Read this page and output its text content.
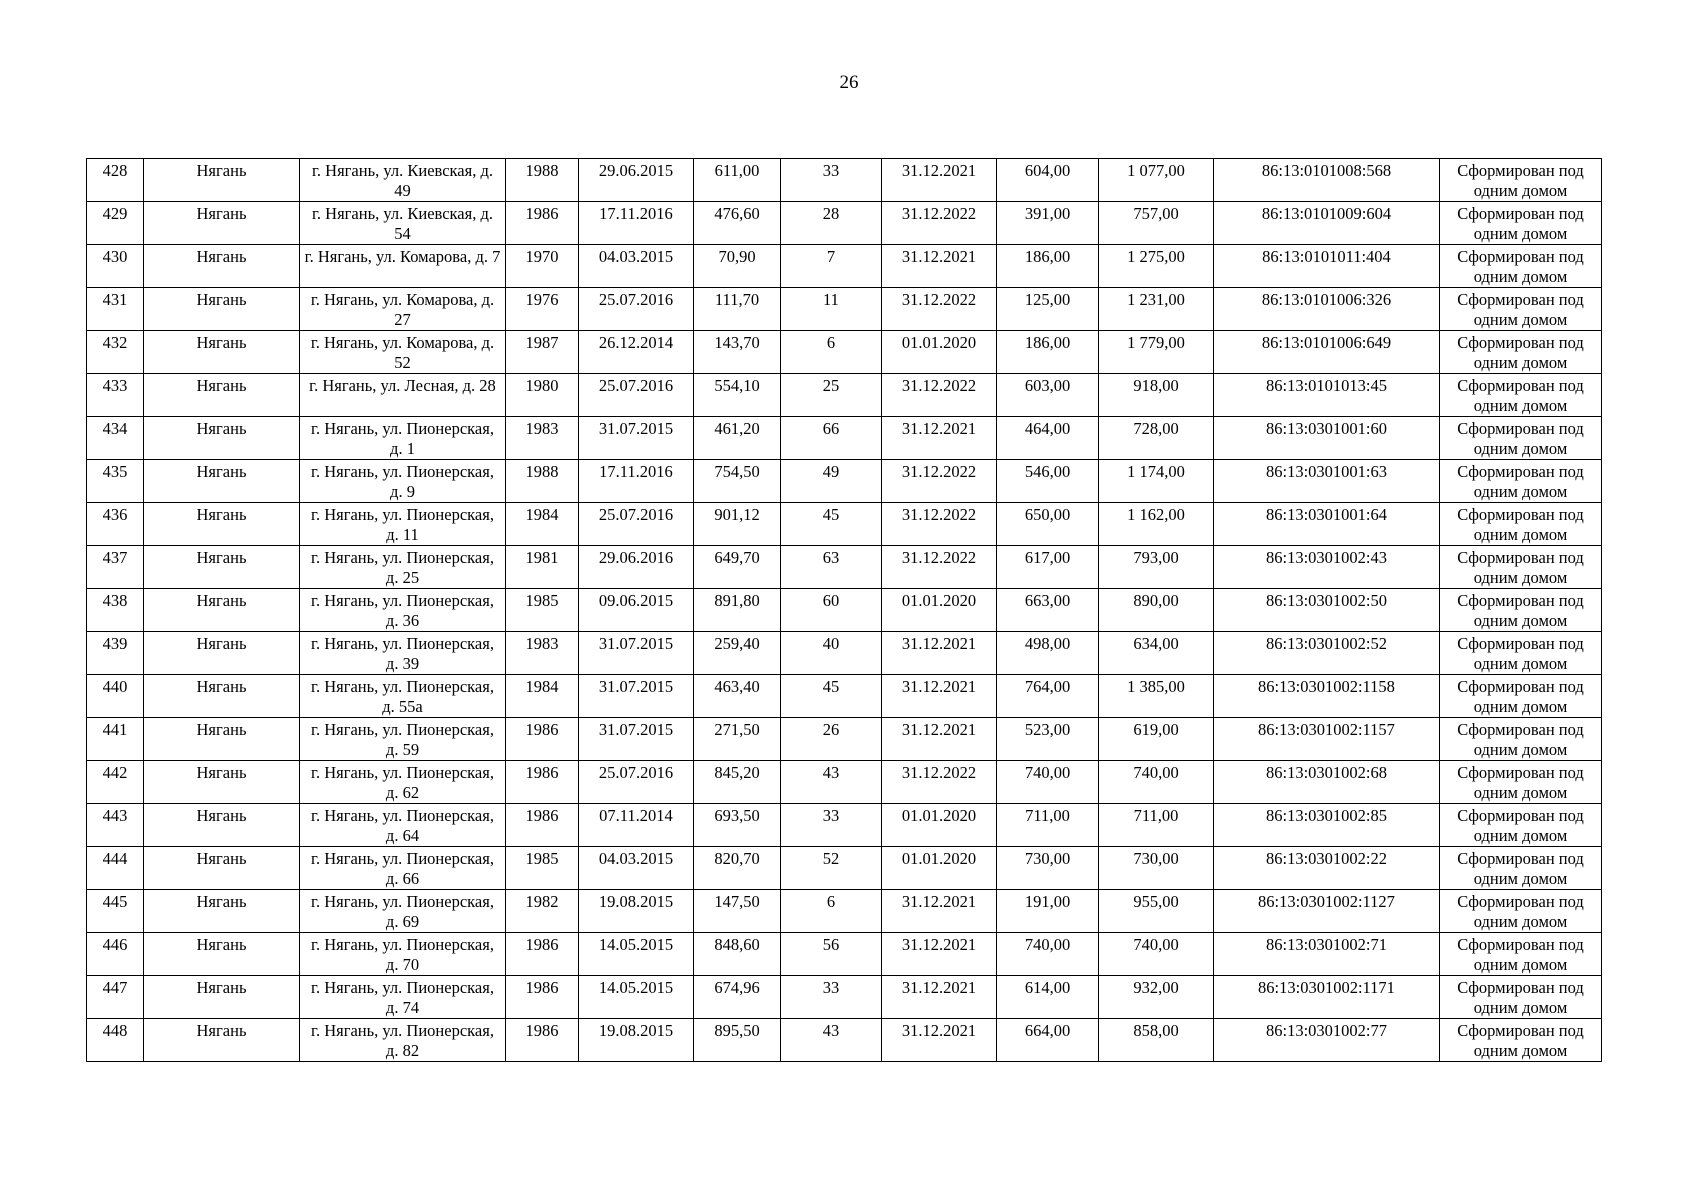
26
428	Нягань	г. Нягань, ул. Киевская, д. 49	1988	29.06.2015	611,00	33	31.12.2021	604,00	1 077,00	86:13:0101008:568	Сформирован под одним домом
429	Нягань	г. Нягань, ул. Киевская, д. 54	1986	17.11.2016	476,60	28	31.12.2022	391,00	757,00	86:13:0101009:604	Сформирован под одним домом
430	Нягань	г. Нягань, ул. Комарова, д. 7	1970	04.03.2015	70,90	7	31.12.2021	186,00	1 275,00	86:13:0101011:404	Сформирован под одним домом
431	Нягань	г. Нягань, ул. Комарова, д. 27	1976	25.07.2016	111,70	11	31.12.2022	125,00	1 231,00	86:13:0101006:326	Сформирован под одним домом
432	Нягань	г. Нягань, ул. Комарова, д. 52	1987	26.12.2014	143,70	6	01.01.2020	186,00	1 779,00	86:13:0101006:649	Сформирован под одним домом
433	Нягань	г. Нягань, ул. Лесная, д. 28	1980	25.07.2016	554,10	25	31.12.2022	603,00	918,00	86:13:0101013:45	Сформирован под одним домом
434	Нягань	г. Нягань, ул. Пионерская, д. 1	1983	31.07.2015	461,20	66	31.12.2021	464,00	728,00	86:13:0301001:60	Сформирован под одним домом
435	Нягань	г. Нягань, ул. Пионерская, д. 9	1988	17.11.2016	754,50	49	31.12.2022	546,00	1 174,00	86:13:0301001:63	Сформирован под одним домом
436	Нягань	г. Нягань, ул. Пионерская, д. 11	1984	25.07.2016	901,12	45	31.12.2022	650,00	1 162,00	86:13:0301001:64	Сформирован под одним домом
437	Нягань	г. Нягань, ул. Пионерская, д. 25	1981	29.06.2016	649,70	63	31.12.2022	617,00	793,00	86:13:0301002:43	Сформирован под одним домом
438	Нягань	г. Нягань, ул. Пионерская, д. 36	1985	09.06.2015	891,80	60	01.01.2020	663,00	890,00	86:13:0301002:50	Сформирован под одним домом
439	Нягань	г. Нягань, ул. Пионерская, д. 39	1983	31.07.2015	259,40	40	31.12.2021	498,00	634,00	86:13:0301002:52	Сформирован под одним домом
440	Нягань	г. Нягань, ул. Пионерская, д. 55а	1984	31.07.2015	463,40	45	31.12.2021	764,00	1 385,00	86:13:0301002:1158	Сформирован под одним домом
441	Нягань	г. Нягань, ул. Пионерская, д. 59	1986	31.07.2015	271,50	26	31.12.2021	523,00	619,00	86:13:0301002:1157	Сформирован под одним домом
442	Нягань	г. Нягань, ул. Пионерская, д. 62	1986	25.07.2016	845,20	43	31.12.2022	740,00	740,00	86:13:0301002:68	Сформирован под одним домом
443	Нягань	г. Нягань, ул. Пионерская, д. 64	1986	07.11.2014	693,50	33	01.01.2020	711,00	711,00	86:13:0301002:85	Сформирован под одним домом
444	Нягань	г. Нягань, ул. Пионерская, д. 66	1985	04.03.2015	820,70	52	01.01.2020	730,00	730,00	86:13:0301002:22	Сформирован под одним домом
445	Нягань	г. Нягань, ул. Пионерская, д. 69	1982	19.08.2015	147,50	6	31.12.2021	191,00	955,00	86:13:0301002:1127	Сформирован под одним домом
446	Нягань	г. Нягань, ул. Пионерская, д. 70	1986	14.05.2015	848,60	56	31.12.2021	740,00	740,00	86:13:0301002:71	Сформирован под одним домом
447	Нягань	г. Нягань, ул. Пионерская, д. 74	1986	14.05.2015	674,96	33	31.12.2021	614,00	932,00	86:13:0301002:1171	Сформирован под одним домом
448	Нягань	г. Нягань, ул. Пионерская, д. 82	1986	19.08.2015	895,50	43	31.12.2021	664,00	858,00	86:13:0301002:77	Сформирован под одним домом
